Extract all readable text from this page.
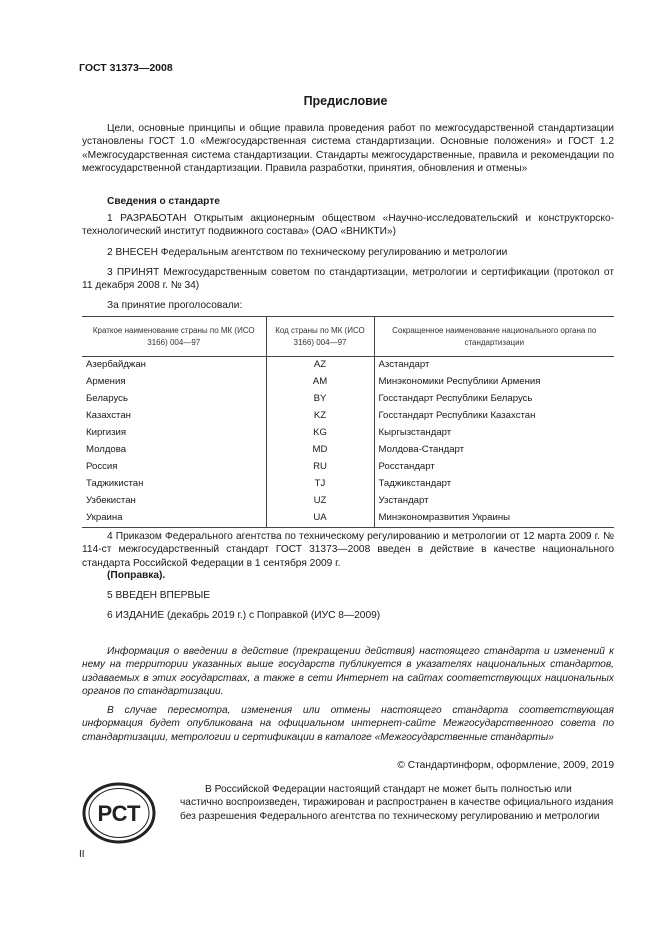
ГОСТ 31373—2008
Предисловие
Цели, основные принципы и общие правила проведения работ по межгосударственной стандартизации установлены ГОСТ 1.0 «Межгосударственная система стандартизации. Основные положения» и ГОСТ 1.2 «Межгосударственная система стандартизации. Стандарты межгосударственные, правила и рекомендации по межгосударственной стандартизации. Правила разработки, принятия, обновления и отмены»
Сведения о стандарте
1 РАЗРАБОТАН Открытым акционерным обществом «Научно-исследовательский и конструкторско-технологический институт подвижного состава» (ОАО «ВНИКТИ»)
2 ВНЕСЕН Федеральным агентством по техническому регулированию и метрологии
3 ПРИНЯТ Межгосударственным советом по стандартизации, метрологии и сертификации (протокол от 11 декабря 2008 г. № 34)
За принятие проголосовали:
Краткое наименование страны по МК (ИСО 3166) 004—97	Код страны по МК (ИСО 3166) 004—97	Сокращенное наименование национального органа по стандартизации
Азербайджан	AZ	Азстандарт
Армения	AM	Минэкономики Республики Армения
Беларусь	BY	Госстандарт Республики Беларусь
Казахстан	KZ	Госстандарт Республики Казахстан
Киргизия	KG	Кыргызстандарт
Молдова	MD	Молдова-Стандарт
Россия	RU	Росстандарт
Таджикистан	TJ	Таджикстандарт
Узбекистан	UZ	Узстандарт
Украина	UA	Минэкономразвития Украины
4 Приказом Федерального агентства по техническому регулированию и метрологии от 12 марта 2009 г. № 114-ст межгосударственный стандарт ГОСТ 31373—2008 введен в действие в качестве национального стандарта Российской Федерации в 1 сентября 2009 г.
(Поправка).
5 ВВЕДЕН ВПЕРВЫЕ
6 ИЗДАНИЕ (декабрь 2019 г.) с Поправкой (ИУС 8—2009)
Информация о введении в действие (прекращении действия) настоящего стандарта и изменений к нему на территории указанных выше государств публикуется в указателях национальных стандартов, издаваемых в этих государствах, а также в сети Интернет на сайтах соответствующих национальных органов по стандартизации.
В случае пересмотра, изменения или отмены настоящего стандарта соответствующая информация будет опубликована на официальном интернет-сайте Межгосударственного совета по стандартизации, метрологии и сертификации в каталоге «Межгосударственные стандарты»
© Стандартинформ, оформление, 2009, 2019
РСТ
В Российской Федерации настоящий стандарт не может быть полностью или частично воспроизведен, тиражирован и распространен в качестве официального издания без разрешения Федерального агентства по техническому регулированию и метрологии
II
